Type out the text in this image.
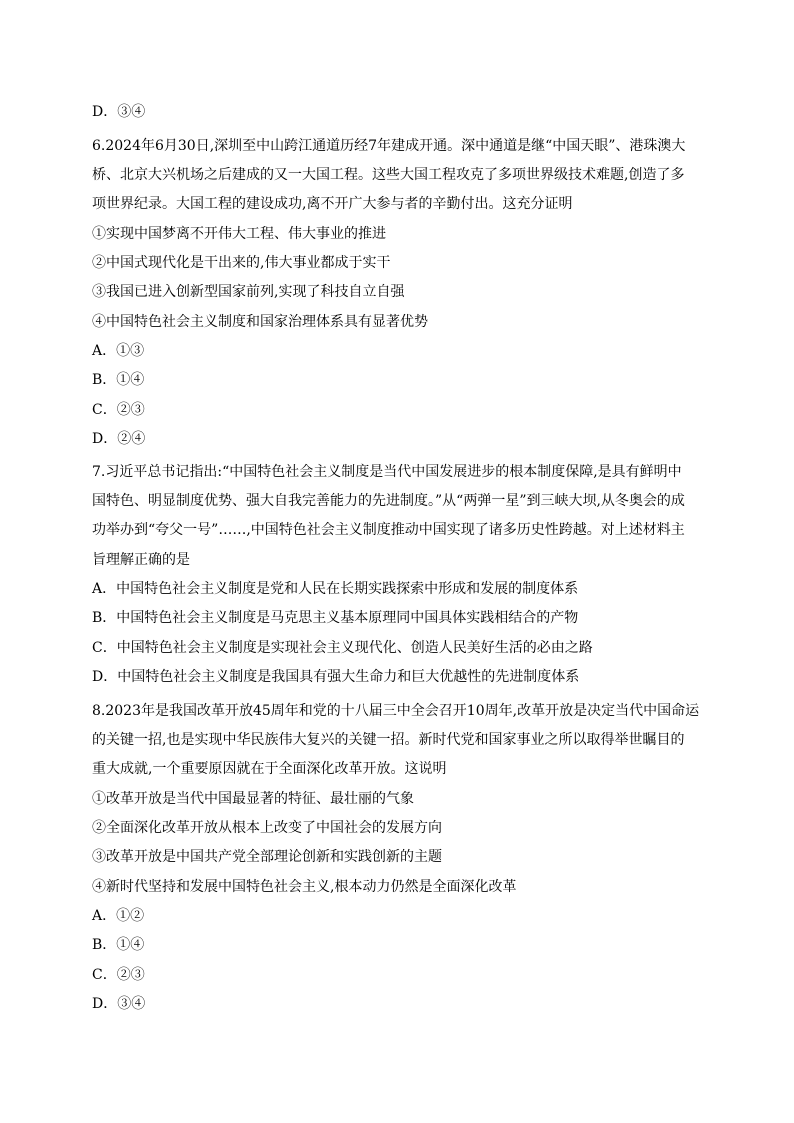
D．③④
6.2024年6月30日,深圳至中山跨江通道历经7年建成开通。深中通道是继“中国天眼”、港珠澳大
桥、北京大兴机场之后建成的又一大国工程。这些大国工程攻克了多项世界级技术难题,创造了多
项世界纪录。大国工程的建设成功,离不开广大参与者的辛勤付出。这充分证明
①实现中国梦离不开伟大工程、伟大事业的推进
②中国式现代化是干出来的,伟大事业都成于实干
③我国已进入创新型国家前列,实现了科技自立自强
④中国特色社会主义制度和国家治理体系具有显著优势
A．①③
B．①④
C．②③
D．②④
7.习近平总书记指出:“中国特色社会主义制度是当代中国发展进步的根本制度保障,是具有鲜明中
国特色、明显制度优势、强大自我完善能力的先进制度。”从“两弹一星”到三峡大坝,从冬奥会的成
功举办到“夸父一号”……,中国特色社会主义制度推动中国实现了诸多历史性跨越。对上述材料主
旨理解正确的是
A．中国特色社会主义制度是党和人民在长期实践探索中形成和发展的制度体系
B．中国特色社会主义制度是马克思主义基本原理同中国具体实践相结合的产物
C．中国特色社会主义制度是实现社会主义现代化、创造人民美好生活的必由之路
D．中国特色社会主义制度是我国具有强大生命力和巨大优越性的先进制度体系
8.2023年是我国改革开放45周年和党的十八届三中全会召开10周年,改革开放是决定当代中国命运
的关键一招,也是实现中华民族伟大复兴的关键一招。新时代党和国家事业之所以取得举世瞩目的
重大成就,一个重要原因就在于全面深化改革开放。这说明
①改革开放是当代中国最显著的特征、最壮丽的气象
②全面深化改革开放从根本上改变了中国社会的发展方向
③改革开放是中国共产党全部理论创新和实践创新的主题
④新时代坚持和发展中国特色社会主义,根本动力仍然是全面深化改革
A．①②
B．①④
C．②③
D．③④
